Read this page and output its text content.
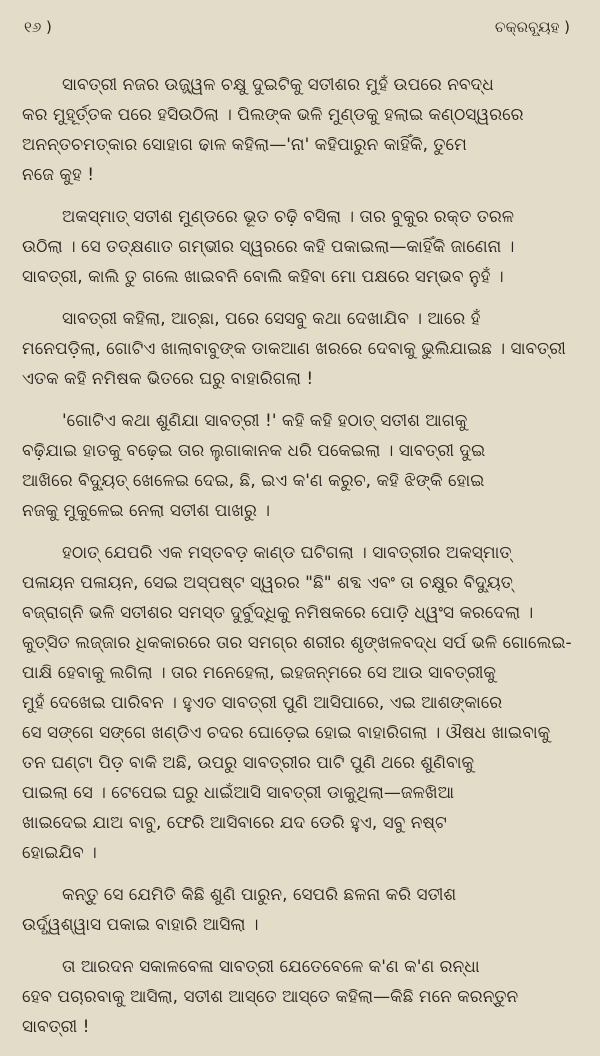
୧୬ )	ଚକ୍ରବ୍ୟୂହ )

ସାବତ୍ରୀ ନଜର ଉଜ୍ଜ୍ୱଳ ଚକ୍ଷୁ ଦୁଇଟିକୁ ସତୀଶର ମୁହଁ ଉପରେ ନବଦ୍ଧ
କର ମୁହୂର୍ତ୍ତକ ପରେ ହସିଉଠିଲା । ପିଲଙ୍କ ଭଳି ମୁଣ୍ଡକୁ ହଲାଇ କଣ୍ଠସ୍ୱରରେ
ଅନନ୍ତଚମତ୍କାର ସୋହାଗ ଢାଳ କହିଲା—'ନା' କହିପାରୁନ କାହିଁକି, ତୁମେ
ନଜେ କୁହ !

ଅକସ୍ମାତ୍ ସତୀଶ ମୁଣ୍ଡରେ ଭୂତ ଚଢ଼ି ବସିଲା । ତାର ବୁକୁର ରକ୍ତ ତରଳ
ଉଠିଲା । ସେ ତତ୍‌କ୍ଷଣାତ ଗମ୍ଭୀର ସ୍ୱରରେ କହି ପକାଇଲା—କାହିଁକି ଜାଣେନା ।
ସାବତ୍ରୀ, କାଲି ତୁ ଗଲେ ଖାଇବନି ବୋଲି କହିବା ମୋ ପକ୍ଷରେ ସମ୍ଭବ ନୁହଁ ।

ସାବତ୍ରୀ କହିଲା, ଆଚ୍ଛା, ପରେ ସେସବୁ କଥା ଦେଖାଯିବ । ଆରେ ହଁ
ମନେପଡ଼ିଲା, ଗୋଟିଏ ଖାଲାବାବୁଙ୍କ ଡାକଆଣ ଖରରେ ଦେବାକୁ ଭୁଲିଯାଇଛ । ସାବତ୍ରୀ
ଏତକ କହି ନମିଷକ ଭିତରେ ଘରୁ ବାହାରିଗଲା !

'ଗୋଟିଏ କଥା ଶୁଣିଯା ସାବତ୍ରୀ !' କହି କହି ହଠାତ୍ ସତୀଶ ଆଗକୁ
ବଢ଼ିଯାଇ ହାତକୁ ବଢ଼େଇ ତାର ଲୁଗାକାନକ ଧରି ପକେଇଲା । ସାବତ୍ରୀ ଦୁଇ
ଆଖିରେ ବିଦ୍ୟୁତ୍ ଖେଳେଇ ଦେଇ, ଛି, ଇଏ କ'ଣ କରୁଚ, କହି ଝିଙ୍କି ହୋଇ
ନଜକୁ ମୁକୁଳେଇ ନେଲା ସତୀଶ ପାଖରୁ ।

ହଠାତ୍ ଯେପରି ଏକ ମସ୍ତବଡ଼ କାଣ୍ଡ ଘଟିଗଲା । ସାବତ୍ରୀର ଅକସ୍ମାତ୍
ପଳାୟନ ପଳାୟନ, ସେଇ ଅସ୍ପଷ୍ଟ ସ୍ୱରର "ଛି" ଶବ୍ଦ ଏବଂ ତା ଚକ୍ଷୁର ବିଦ୍ୟୁତ୍
ବଜ୍ରାଗ୍ନି ଭଳି ସତୀଶର ସମସ୍ତ ଦୁର୍ବୁଦ୍ଧିକୁ ନମିଷକରେ ପୋଡ଼ି ଧ୍ୱଂସ କରଦେଲା ।
କୁତ୍ସିତ ଲଜ୍ଜାର ଧିକକାରରେ ତାର ସମଗ୍ର ଶରୀର ଶୃଙ୍ଖଳବଦ୍ଧ ସର୍ପ ଭଳି ଗୋଲେଇ-
ପାକ୍ଷି ହେବାକୁ ଲଗିଲା । ତାର ମନେହେଲା, ଇହଜନ୍ମରେ ସେ ଆଉ ସାବତ୍ରୀକୁ
ମୁହଁ ଦେଖେଇ ପାରିବନ । ହୁଏତ ସାବତ୍ରୀ ପୁଣି ଆସିପାରେ, ଏଇ ଆଶଙ୍କାରେ
ସେ ସଙ୍ଗେ ସଙ୍ଗେ ଖଣ୍ଡିଏ ଚଦର ଘୋଡ଼େଇ ହୋଇ ବାହାରିଗଲା । ଔଷଧ ଖାଇବାକୁ
ତନ ଘଣ୍ଟା ପିଡ଼ ବାକି ଅଛି, ଉପରୁ ସାବତ୍ରୀର ପାଟି ପୁଣି ଥରେ ଶୁଣିବାକୁ
ପାଇଲା ସେ । ଟେପେଇ ଘରୁ ଧାଇଁଆସି ସାବତ୍ରୀ ଡାକୁଥିଲା—ଜଳଖିଆ
ଖାଇଦେଇ ଯାଅ ବାବୁ, ଫେରି ଆସିବାରେ ଯଦ ଡେରି ହୁଏ, ସବୁ ନଷ୍ଟ
ହୋଇଯିବ ।

କନ୍ତୁ ସେ ଯେମିତି କିଛି ଶୁଣି ପାରୁନ, ସେପରି ଛଳନା କରି ସତୀଶ
ଉର୍ଦ୍ଧ୍ୱଶ୍ୱାସ ପକାଇ ବାହାରି ଆସିଲା ।

ତା ଆରଦନ ସକାଳବେଳା ସାବତ୍ରୀ ଯେତେବେଳେ କ'ଣ କ'ଣ ରନ୍ଧା
ହେବ ପଚାରବାକୁ ଆସିଲା, ସତୀଶ ଆସ୍ତେ ଆସ୍ତେ କହିଲା—କିଛି ମନେ କରନ୍ତୁନ
ସାବତ୍ରୀ !
